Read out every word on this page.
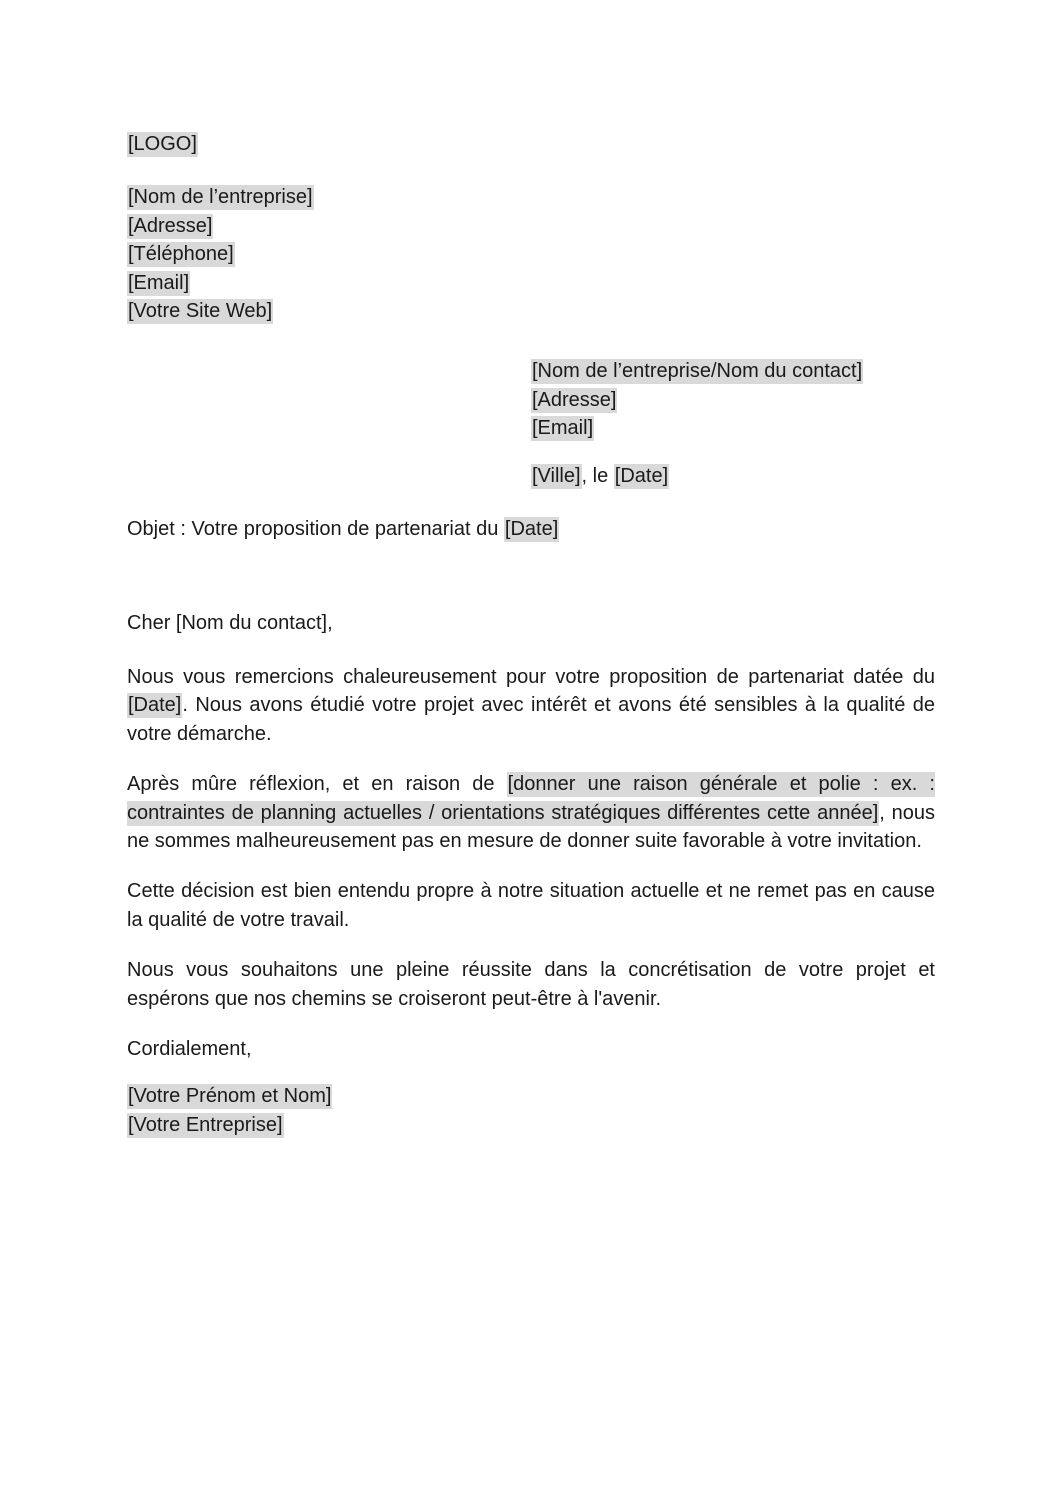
[LOGO]
[Nom de l’entreprise]
[Adresse]
[Téléphone]
[Email]
[Votre Site Web]
[Nom de l’entreprise/Nom du contact]
[Adresse]
[Email]
[Ville], le [Date]
Objet : Votre proposition de partenariat du [Date]
Cher [Nom du contact],
Nous vous remercions chaleureusement pour votre proposition de partenariat datée du [Date]. Nous avons étudié votre projet avec intérêt et avons été sensibles à la qualité de votre démarche.
Après mûre réflexion, et en raison de [donner une raison générale et polie : ex. : contraintes de planning actuelles / orientations stratégiques différentes cette année], nous ne sommes malheureusement pas en mesure de donner suite favorable à votre invitation.
Cette décision est bien entendu propre à notre situation actuelle et ne remet pas en cause la qualité de votre travail.
Nous vous souhaitons une pleine réussite dans la concrétisation de votre projet et espérons que nos chemins se croiseront peut-être à l'avenir.
Cordialement,
[Votre Prénom et Nom]
[Votre Entreprise]
